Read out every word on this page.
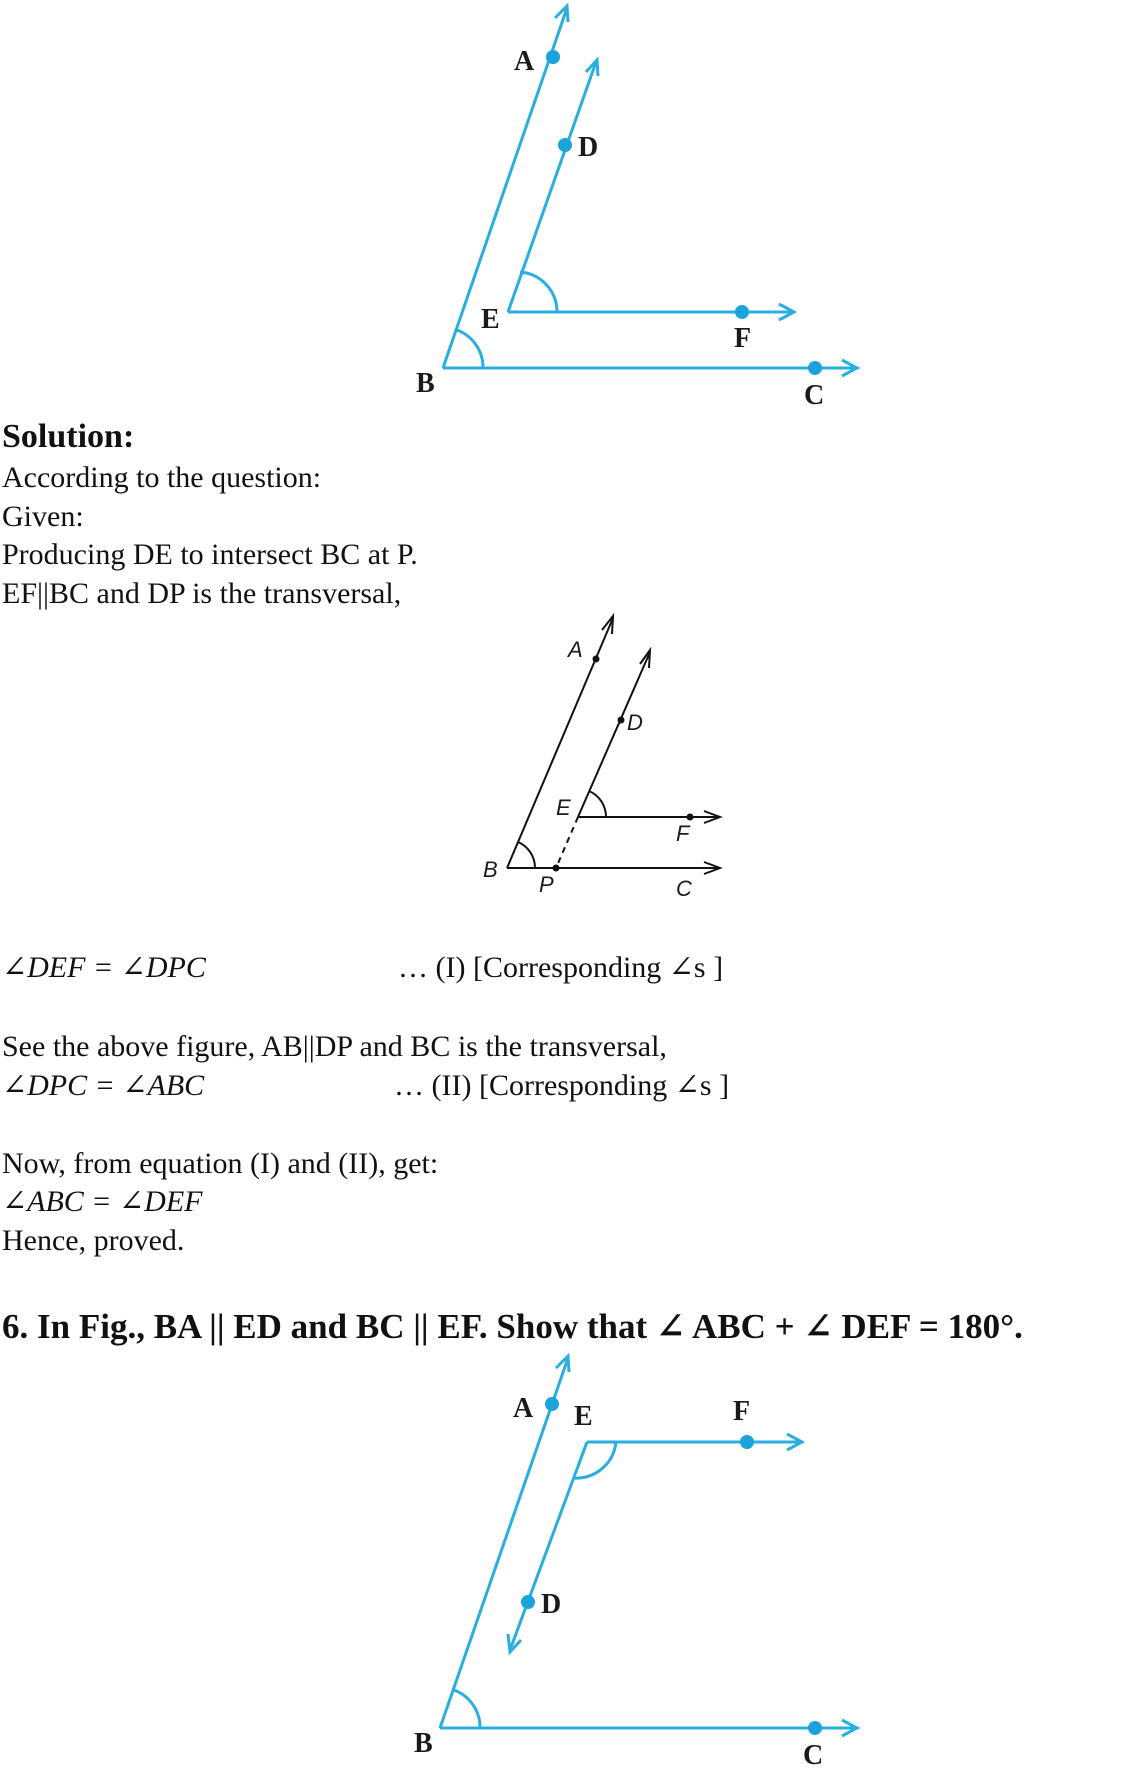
A
D
E
F
B	C
Solution:
According to the question:
Given:
Producing DE to intersect BC at P.
EF||BC and DP is the transversal,
A
D
E
F
B
P	C
∠DEF = ∠DPC	… (I) [Corresponding ∠s ]
See the above figure, AB||DP and BC is the transversal,
∠DPC = ∠ABC	… (II) [Corresponding ∠s ]
Now, from equation (I) and (II), get:
∠ABC = ∠DEF
Hence, proved.
6. In Fig., BA || ED and BC || EF. Show that ∠ ABC + ∠ DEF = 180°.
A E	F
D
B	C
